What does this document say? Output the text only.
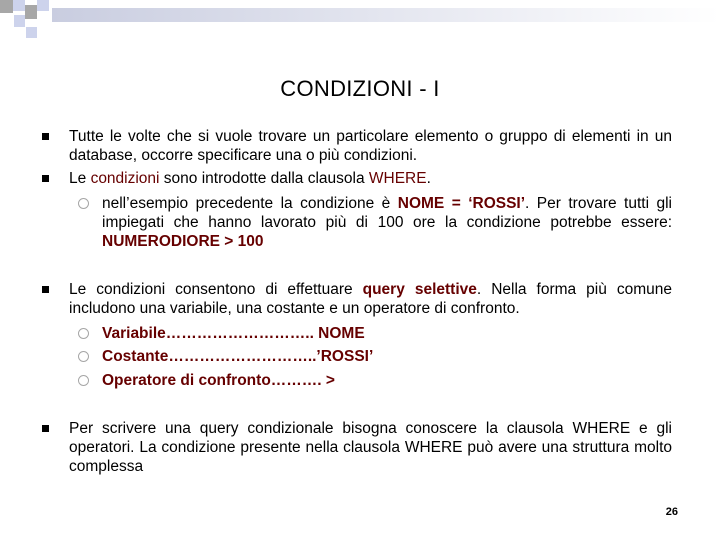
CONDIZIONI - I
Tutte le volte che si vuole trovare un particolare elemento o gruppo di elementi in un database, occorre specificare una o più condizioni.
Le condizioni sono introdotte dalla clausola WHERE.
nell’esempio precedente la condizione è NOME = ‘ROSSI’. Per trovare tutti gli impiegati che hanno lavorato più di 100 ore la condizione potrebbe essere: NUMERODIORE > 100
Le condizioni consentono di effettuare query selettive. Nella forma più comune includono una variabile, una costante e un operatore di confronto.
Variabile……………………….. NOME
Costante………………………..’ROSSI’
Operatore di confronto………. >
Per scrivere una query condizionale bisogna conoscere la clausola WHERE e gli operatori. La condizione presente nella clausola WHERE può avere una struttura molto complessa
26
